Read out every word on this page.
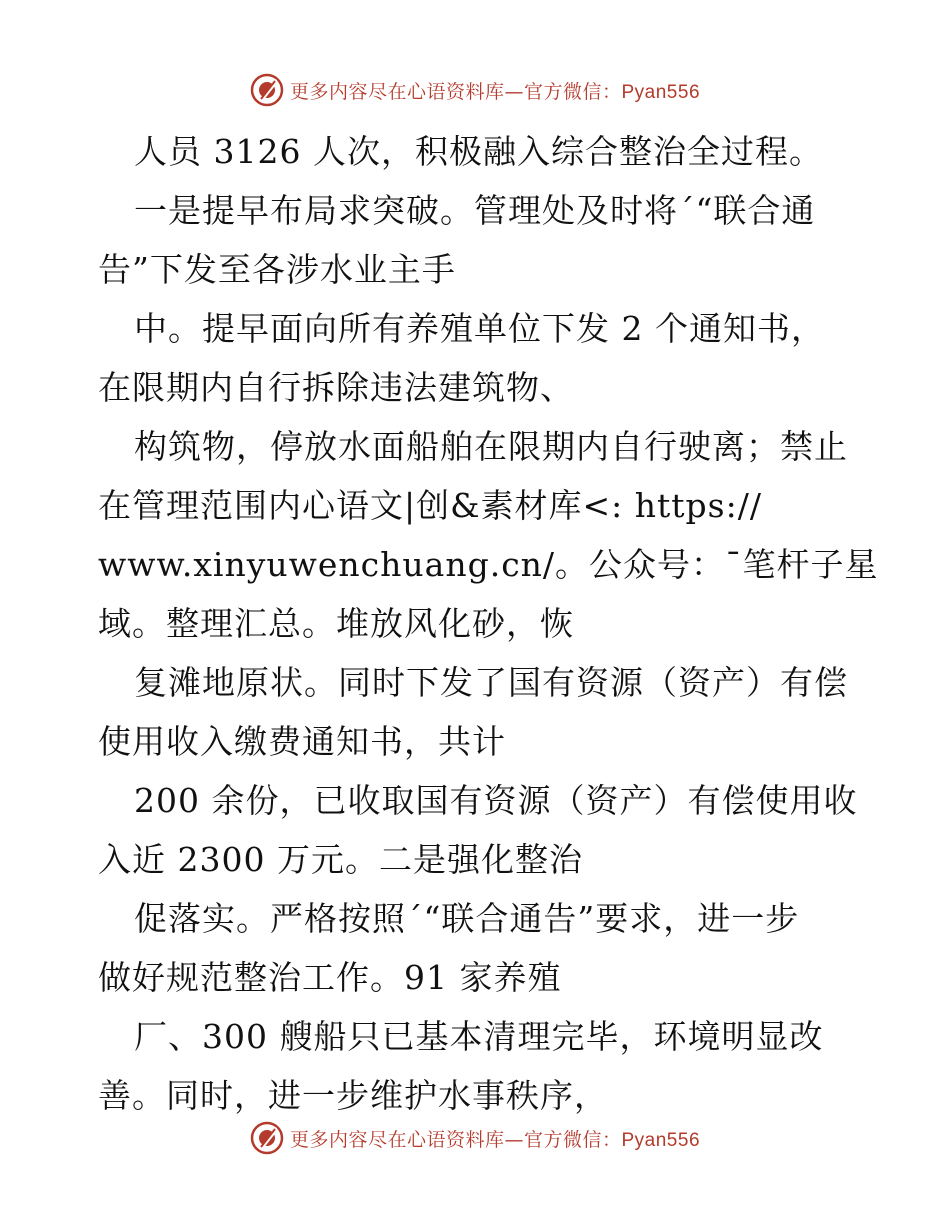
更多内容尽在心语资料库—官方微信：Pyan556
人员 3126 人次，积极融入综合整治全过程。
一是提早布局求突破。管理处及时将´“联合通
告”下发至各涉水业主手
中。提早面向所有养殖单位下发 2 个通知书，
在限期内自行拆除违法建筑物、
构筑物，停放水面船舶在限期内自行驶离；禁止
在管理范围内心语文|创&素材库<: https://
www.xinyuwenchuang.cn/。公众号：¯笔杆子星
域。整理汇总。堆放风化砂，恢
复滩地原状。同时下发了国有资源（资产）有偿
使用收入缴费通知书，共计
200 余份，已收取国有资源（资产）有偿使用收
入近 2300 万元。二是强化整治
促落实。严格按照´“联合通告”要求，进一步
做好规范整治工作。91 家养殖
厂、300 艘船只已基本清理完毕，环境明显改
善。同时，进一步维护水事秩序，
更多内容尽在心语资料库—官方微信：Pyan556
